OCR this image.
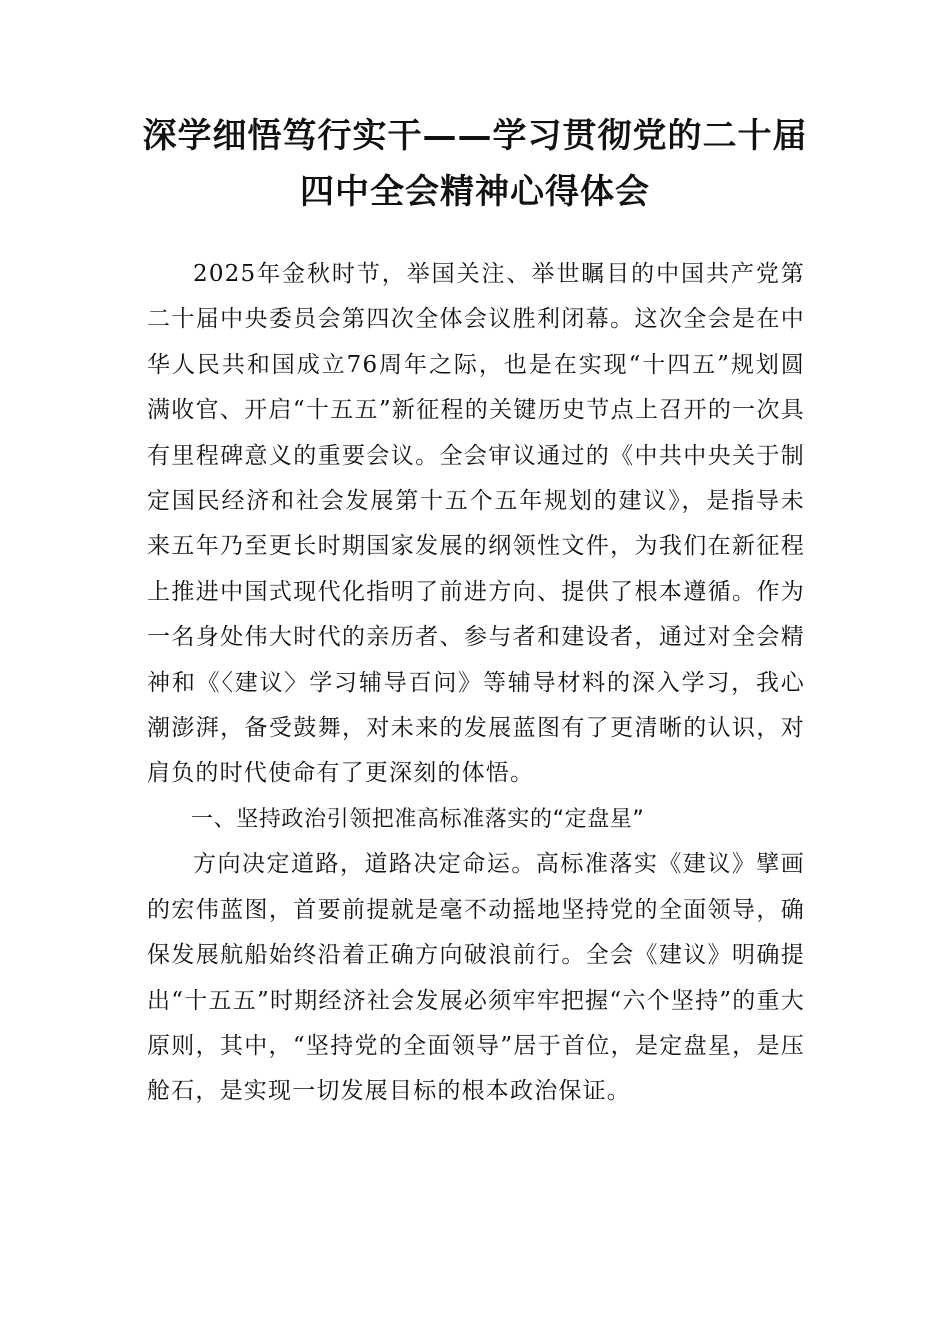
深学细悟笃行实干——学习贯彻党的二十届四中全会精神心得体会

2025年金秋时节，举国关注、举世瞩目的中国共产党第二十届中央委员会第四次全体会议胜利闭幕。这次全会是在中华人民共和国成立76周年之际，也是在实现“十四五”规划圆满收官、开启“十五五”新征程的关键历史节点上召开的一次具有里程碑意义的重要会议。全会审议通过的《中共中央关于制定国民经济和社会发展第十五个五年规划的建议》，是指导未来五年乃至更长时期国家发展的纲领性文件，为我们在新征程上推进中国式现代化指明了前进方向、提供了根本遵循。作为一名身处伟大时代的亲历者、参与者和建设者，通过对全会精神和《〈建议〉学习辅导百问》等辅导材料的深入学习，我心潮澎湃，备受鼓舞，对未来的发展蓝图有了更清晰的认识，对肩负的时代使命有了更深刻的体悟。

一、坚持政治引领把准高标准落实的“定盘星”

方向决定道路，道路决定命运。高标准落实《建议》擘画的宏伟蓝图，首要前提就是毫不动摇地坚持党的全面领导，确保发展航船始终沿着正确方向破浪前行。全会《建议》明确提出“十五五”时期经济社会发展必须牢牢把握“六个坚持”的重大原则，其中，“坚持党的全面领导”居于首位，是定盘星，是压舱石，是实现一切发展目标的根本政治保证。
